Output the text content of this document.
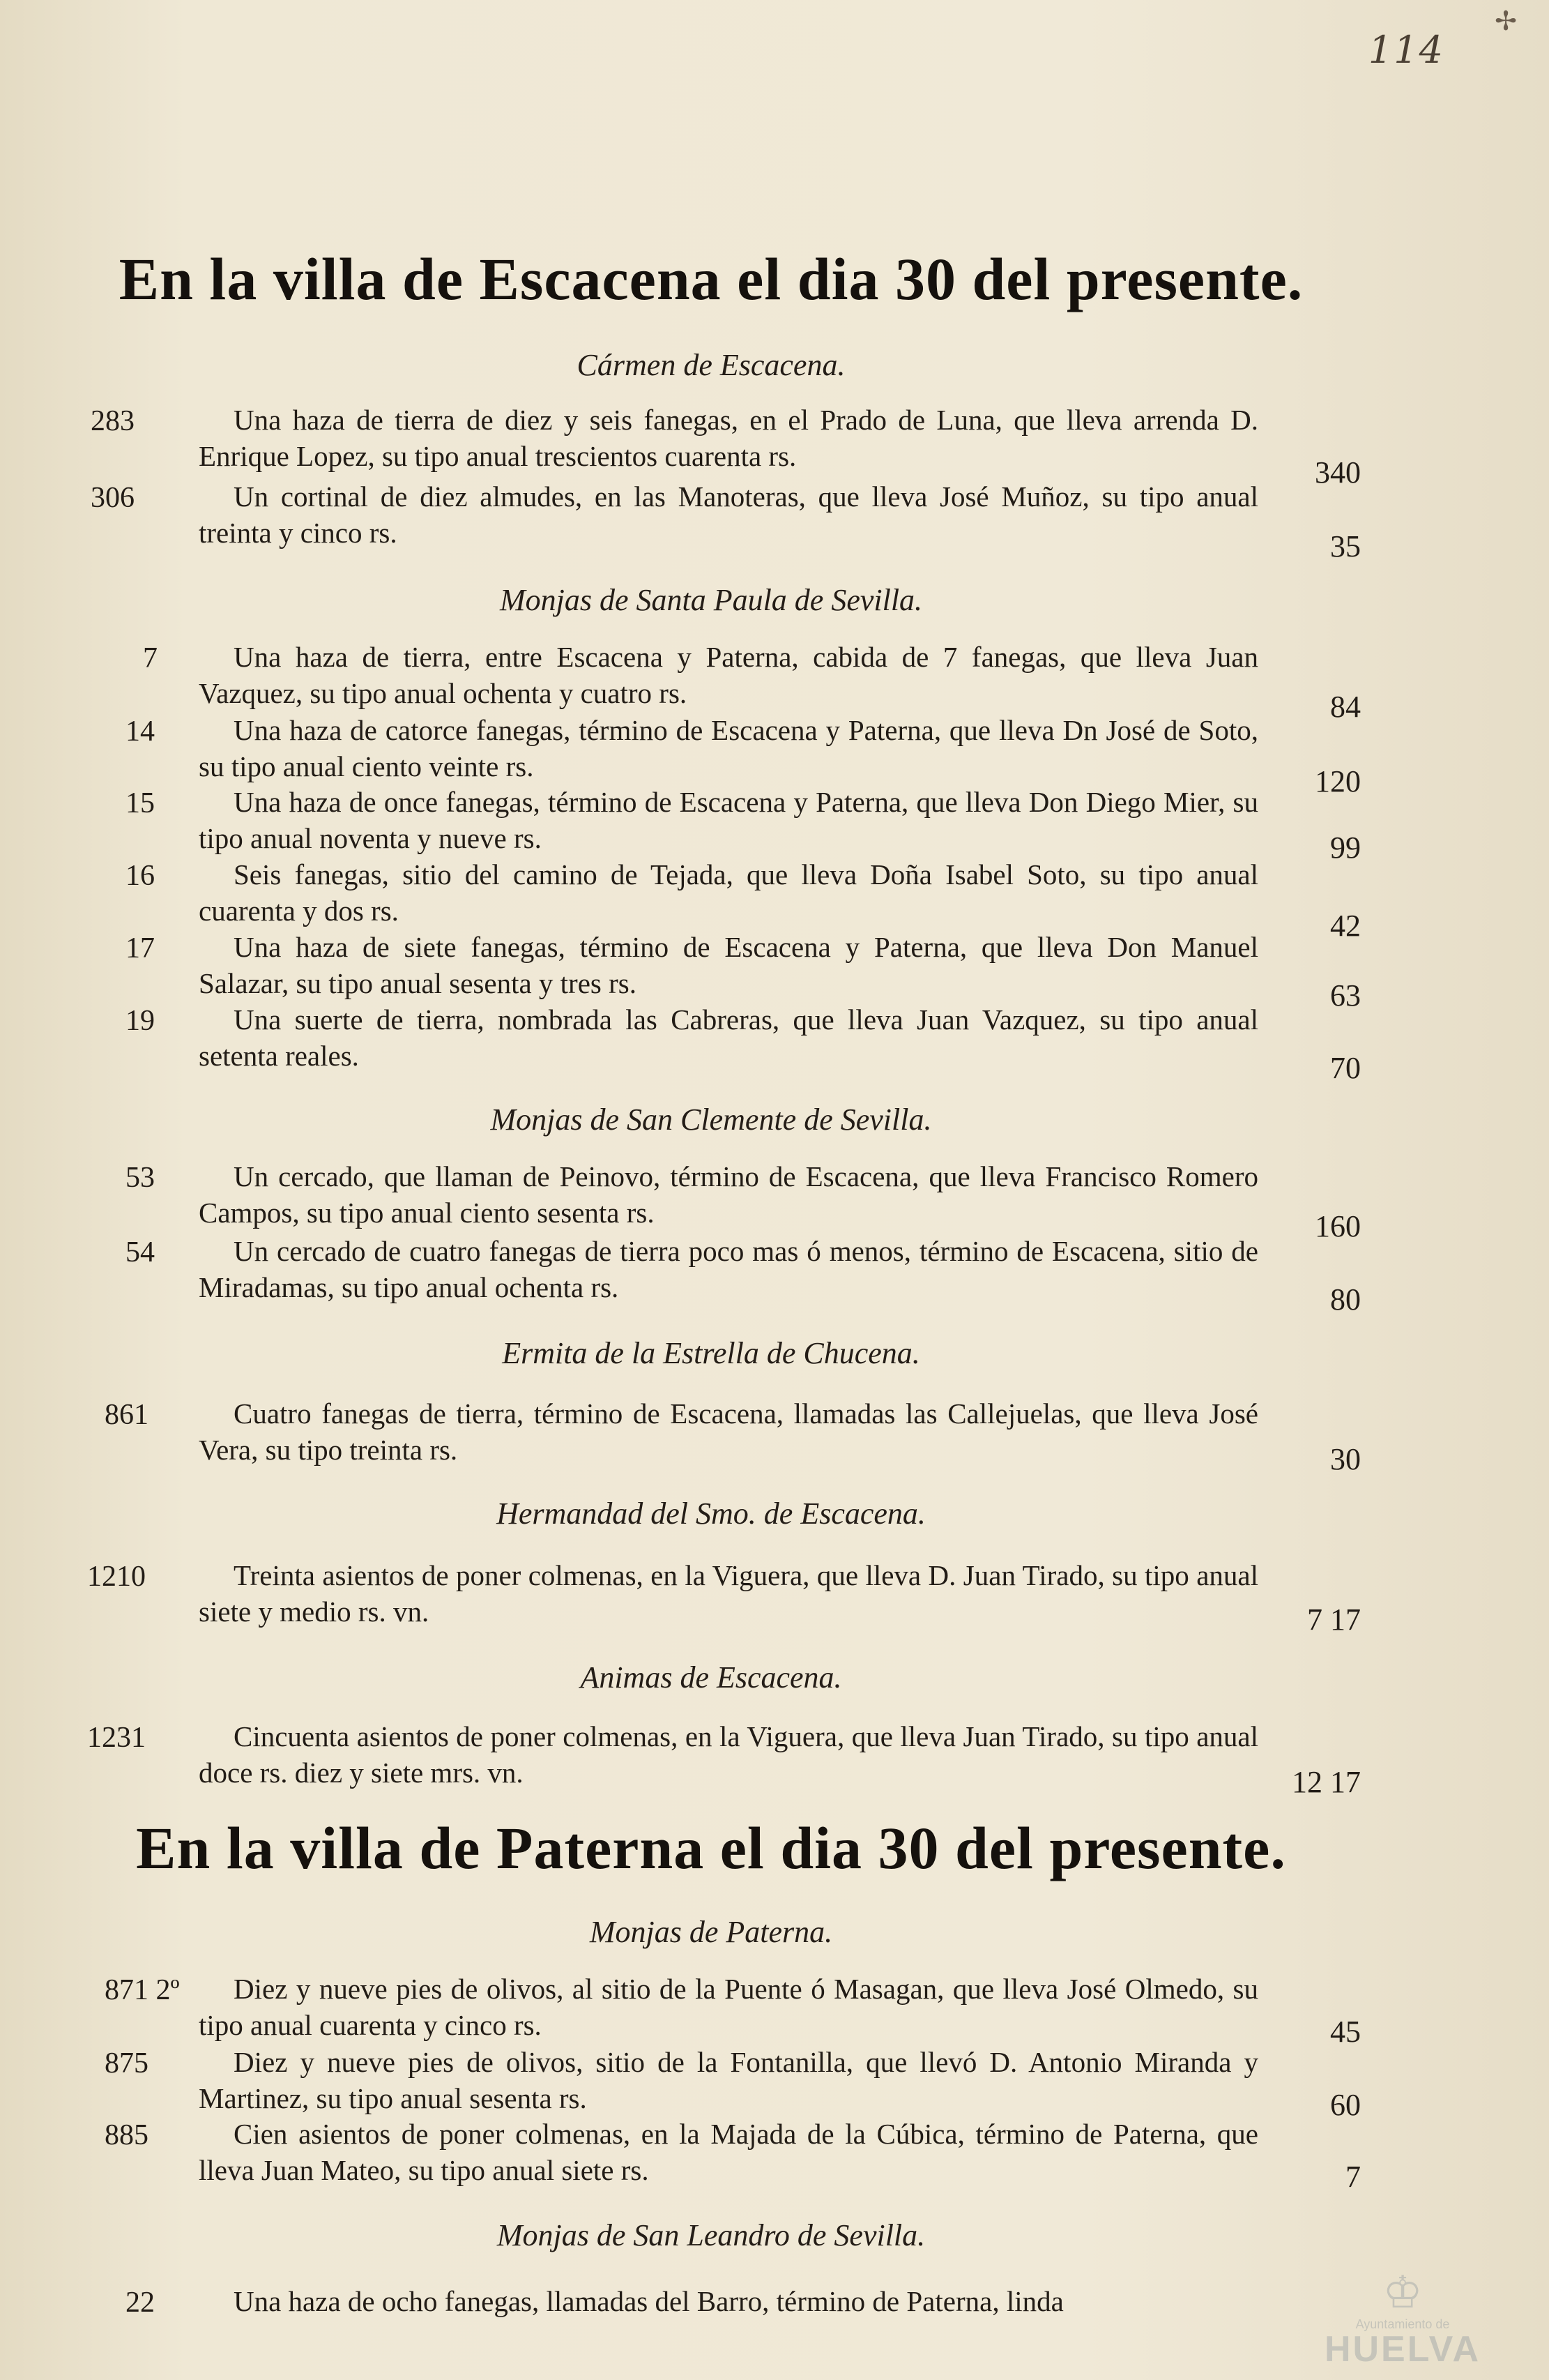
✢
114
En la villa de Escacena el dia 30 del presente.
Cármen de Escacena.
283	Una haza de tierra de diez y seis fanegas, en el Prado de Luna, que lleva arrenda D. Enrique Lopez, su tipo anual trescientos cuarenta rs.	340
306	Un cortinal de diez almudes, en las Manoteras, que lleva José Muñoz, su tipo anual treinta y cinco rs.	35
Monjas de Santa Paula de Sevilla.
7	Una haza de tierra, entre Escacena y Paterna, cabida de 7 fanegas, que lleva Juan Vazquez, su tipo anual ochenta y cuatro rs.	84
14	Una haza de catorce fanegas, término de Escacena y Paterna, que lleva Dn José de Soto, su tipo anual ciento veinte rs.	120
15	Una haza de once fanegas, término de Escacena y Paterna, que lleva Don Diego Mier, su tipo anual noventa y nueve rs.	99
16	Seis fanegas, sitio del camino de Tejada, que lleva Doña Isabel Soto, su tipo anual cuarenta y dos rs.	42
17	Una haza de siete fanegas, término de Escacena y Paterna, que lleva Don Manuel Salazar, su tipo anual sesenta y tres rs.	63
19	Una suerte de tierra, nombrada las Cabreras, que lleva Juan Vazquez, su tipo anual setenta reales.	70
Monjas de San Clemente de Sevilla.
53	Un cercado, que llaman de Peinovo, término de Escacena, que lleva Francisco Romero Campos, su tipo anual ciento sesenta rs.	160
54	Un cercado de cuatro fanegas de tierra poco mas ó menos, término de Escacena, sitio de Miradamas, su tipo anual ochenta rs.	80
Ermita de la Estrella de Chucena.
861	Cuatro fanegas de tierra, término de Escacena, llamadas las Callejuelas, que lleva José Vera, su tipo treinta rs.	30
Hermandad del Smo. de Escacena.
1210	Treinta asientos de poner colmenas, en la Viguera, que lleva D. Juan Tirado, su tipo anual siete y medio rs. vn.	7 17
Animas de Escacena.
1231	Cincuenta asientos de poner colmenas, en la Viguera, que lleva Juan Tirado, su tipo anual doce rs. diez y siete mrs. vn.	12 17
En la villa de Paterna el dia 30 del presente.
Monjas de Paterna.
871 2º	Diez y nueve pies de olivos, al sitio de la Puente ó Masagan, que lleva José Olmedo, su tipo anual cuarenta y cinco rs.	45
875	Diez y nueve pies de olivos, sitio de la Fontanilla, que llevó D. Antonio Miranda y Martinez, su tipo anual sesenta rs.	60
885	Cien asientos de poner colmenas, en la Majada de la Cúbica, término de Paterna, que lleva Juan Mateo, su tipo anual siete rs.	7
Monjas de San Leandro de Sevilla.
22	Una haza de ocho fanegas, llamadas del Barro, término de Paterna, linda	♔
Ayuntamiento de
HUELVA
